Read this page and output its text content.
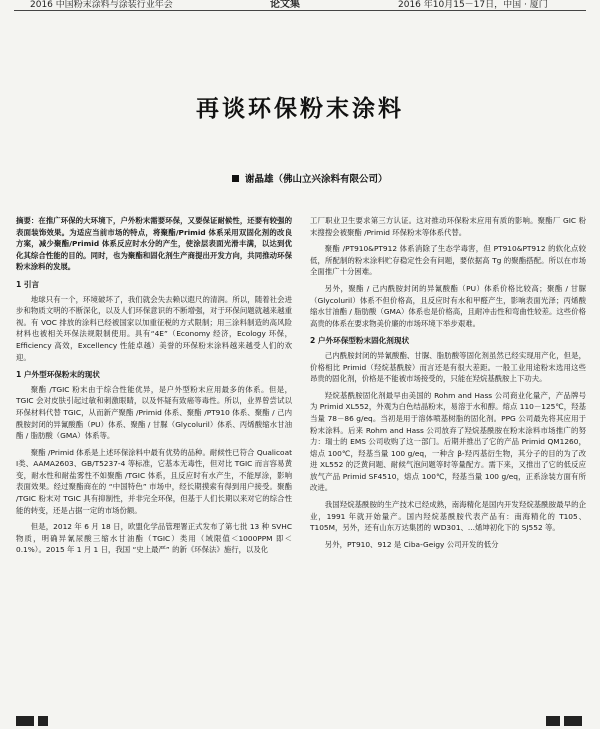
2016 中国粉末涂料与涂装行业年会	论文集	2016 年10月15－17日，中国 · 厦门
再谈环保粉末涂料
谢晶雄（佛山立兴涂料有限公司）

摘要：在推广环保的大环境下，户外粉末需要环保，又要保证耐候性，还要有较强的表面装饰效果。为适应当前市场的特点，将聚酯/Primid 体系采用双固化剂的改良方案，减少聚酯/Primid 体系反应时水分的产生，使涂层表面光滑丰满，以达到优化其综合性能的目的。同时，也为聚酯和固化剂生产商提出开发方向，共同推动环保粉末涂料的发展。

1 引言

地球只有一个，环境破坏了，我们就会失去赖以遐尺的清润。所以，随着社会进步和物质文明的不断深化，以及人们环保意识的不断增强，对于环保问题就越来越重视。有 VOC 排放的涂料已经被国家以加重征税的方式限制；用三涂料制造的高风险材料也被相关环保法规限制使用。具有“4E”（Economy 经济，Ecology 环保，Efficiency 高效，Excellency 性能卓越）美誉的环保粉末涂料越来越受人们的欢迎。

1 户外型环保粉末的现状

聚酯 /TGIC 粉末由于综合性能优异，是户外型粉末应用最多的体系。但是，TGIC 会对皮肤引起过敏和刺激眼睛，以及怀疑有致癌等毒性。所以，业界曾尝试以环保材料代替 TGIC，从而新产聚酯 /Primid 体系、聚酯 /PT910 体系、聚酯 / 己内酰胺封闭的异氰酸酯（PU）体系、聚酯 / 甘脲（Glycoluril）体系、丙烯酸缩水甘油酯 / 脂肪酸（GMA）体系等。

聚酯 /Primid 体系是上述环保涂料中最有优势的品种。耐候性已符合 Qualicoat Ⅰ类、AAMA2603、GB/T5237-4 等标准，它基本无毒性，但对比 TGIC 而言容易黄变，耐水性和耐盐雾性不如聚酯 /TGIC 体系，且反应时有水产生，不能厚涂，影响表面效果。经过聚酯商在的 “中国特色” 市场中，经长期摸索有得到用户接受。聚酯 /TGIC 粉末对 TGIC 具有抑制性，并非完全环保，但基于人们长期以来对它的综合性能的转变，还是占据一定的市场份额。

但是，2012 年 6 月 18 日，欧盟化学品管理署正式发布了第七批 13 种 SVHC 物质，明确异氰尿酸三缩水甘油酯（TGIC）类用（域限值＜1000PPM 即＜0.1%）。2015 年 1 月 1 日，我国 “史上最严” 的新《环保法》施行，以及化

工厂职业卫生要求第三方认证。这对推动环保粉末应用有质的影响。聚酯厂 GIC 粉末搜搜会被聚酯 /Primid 环保粉末等体系代替。

聚酯 /PT910&PT912 体系消除了生态学毒害，但 PT910&PT912 的软化点较低，所配制的粉末涂料贮存稳定性会有问题，要依据高 Tg 的聚酯搭配。所以在市场全面推广十分困难。

另外，聚酯 / 己内酰胺封闭的异氰酸酯（PU）体系价格比较高；聚酯 / 甘脲（Glycoluril）体系不但价格高，且反应时有水和甲醛产生，影响表面光泽；丙烯酸缩水甘油酯 / 脂肪酸（GMA）体系也是价格高，且耐冲击性和弯曲性较差。这些价格高贵的体系在要求物美价廉的市场环境下举步艰难。

2 户外环保型粉末固化剂现状

己内酰胺封闭的异氰酸酯、甘脲、脂肪酸等固化剂虽然已经实现用产化，但是，价格相比 Primid（羟烷基酰胺）而言还是有很大差距。一般工业用途粉末选用这些昂贵的固化剂，价格是不能被市场接受的，只能在羟烷基酰胺上下功夫。

羟烷基酰胺固化剂最早由美国的 Rohm and Hass 公司商业化量产，产品牌号为 Primid XL552，外观为白色结晶粉末，易溶于水和醇。熔点 110－125℃，羟基当量 78－86 g/eq。当初是用于溶体喷基树脂的固化剂。PPG 公司最先将其应用于粉末涂料。后来 Rohm and Hass 公司放弃了羟烷基酰胺在粉末涂料市场推广的努力：瑞士的 EMS 公司收购了这一部门。后期并推出了它的产品 Primid QM1260，熔点 100℃，羟基当量 100 g/eq，一种含 β-羟丙基衍生物，其分子的目的为了改进 XL552 的泛黄问题、耐候气泡问题等时等量配方。需下来，又推出了它的低反应放气产品 Primid SF4510，熔点 100℃，羟基当量 100 g/eq，正系涂装方面有所改进。

我国羟烷基酰胺的生产技术已经成熟，南海精化是国内开发羟烷基酰胺最早的企业，1991 年就开始量产。国内羟烷基酰胺代表产品有：南海精化的 T105、T105M，另外，还有山东万达集团的 WD301、...烯坤初化下的 SJ552 等。

另外，PT910、912 是 Ciba-Geigy 公司开发的低分
